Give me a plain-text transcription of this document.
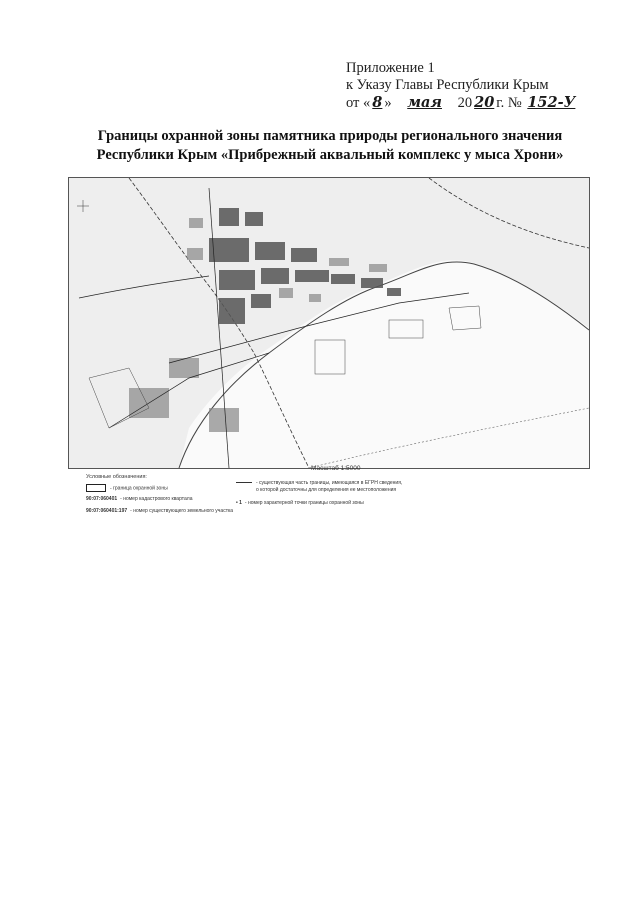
Приложение 1
к Указу Главы Республики Крым
от « 8 » мая 20 20 г. № 152-У
Границы охранной зоны памятника природы регионального значения
Республики Крым «Прибрежный аквальный комплекс у мыса Хрони»
Масштаб 1:5000
Условные обозначения:
- граница охранной зоны
90:07:060401 - номер кадастрового квартала
90:07:060401:197 - номер существующего земельного участка
- существующая часть границы, имеющаяся в ЕГРН сведения,
о которой достаточны для определения ее местоположения
• 1 - номер характерной точки границы охранной зоны
